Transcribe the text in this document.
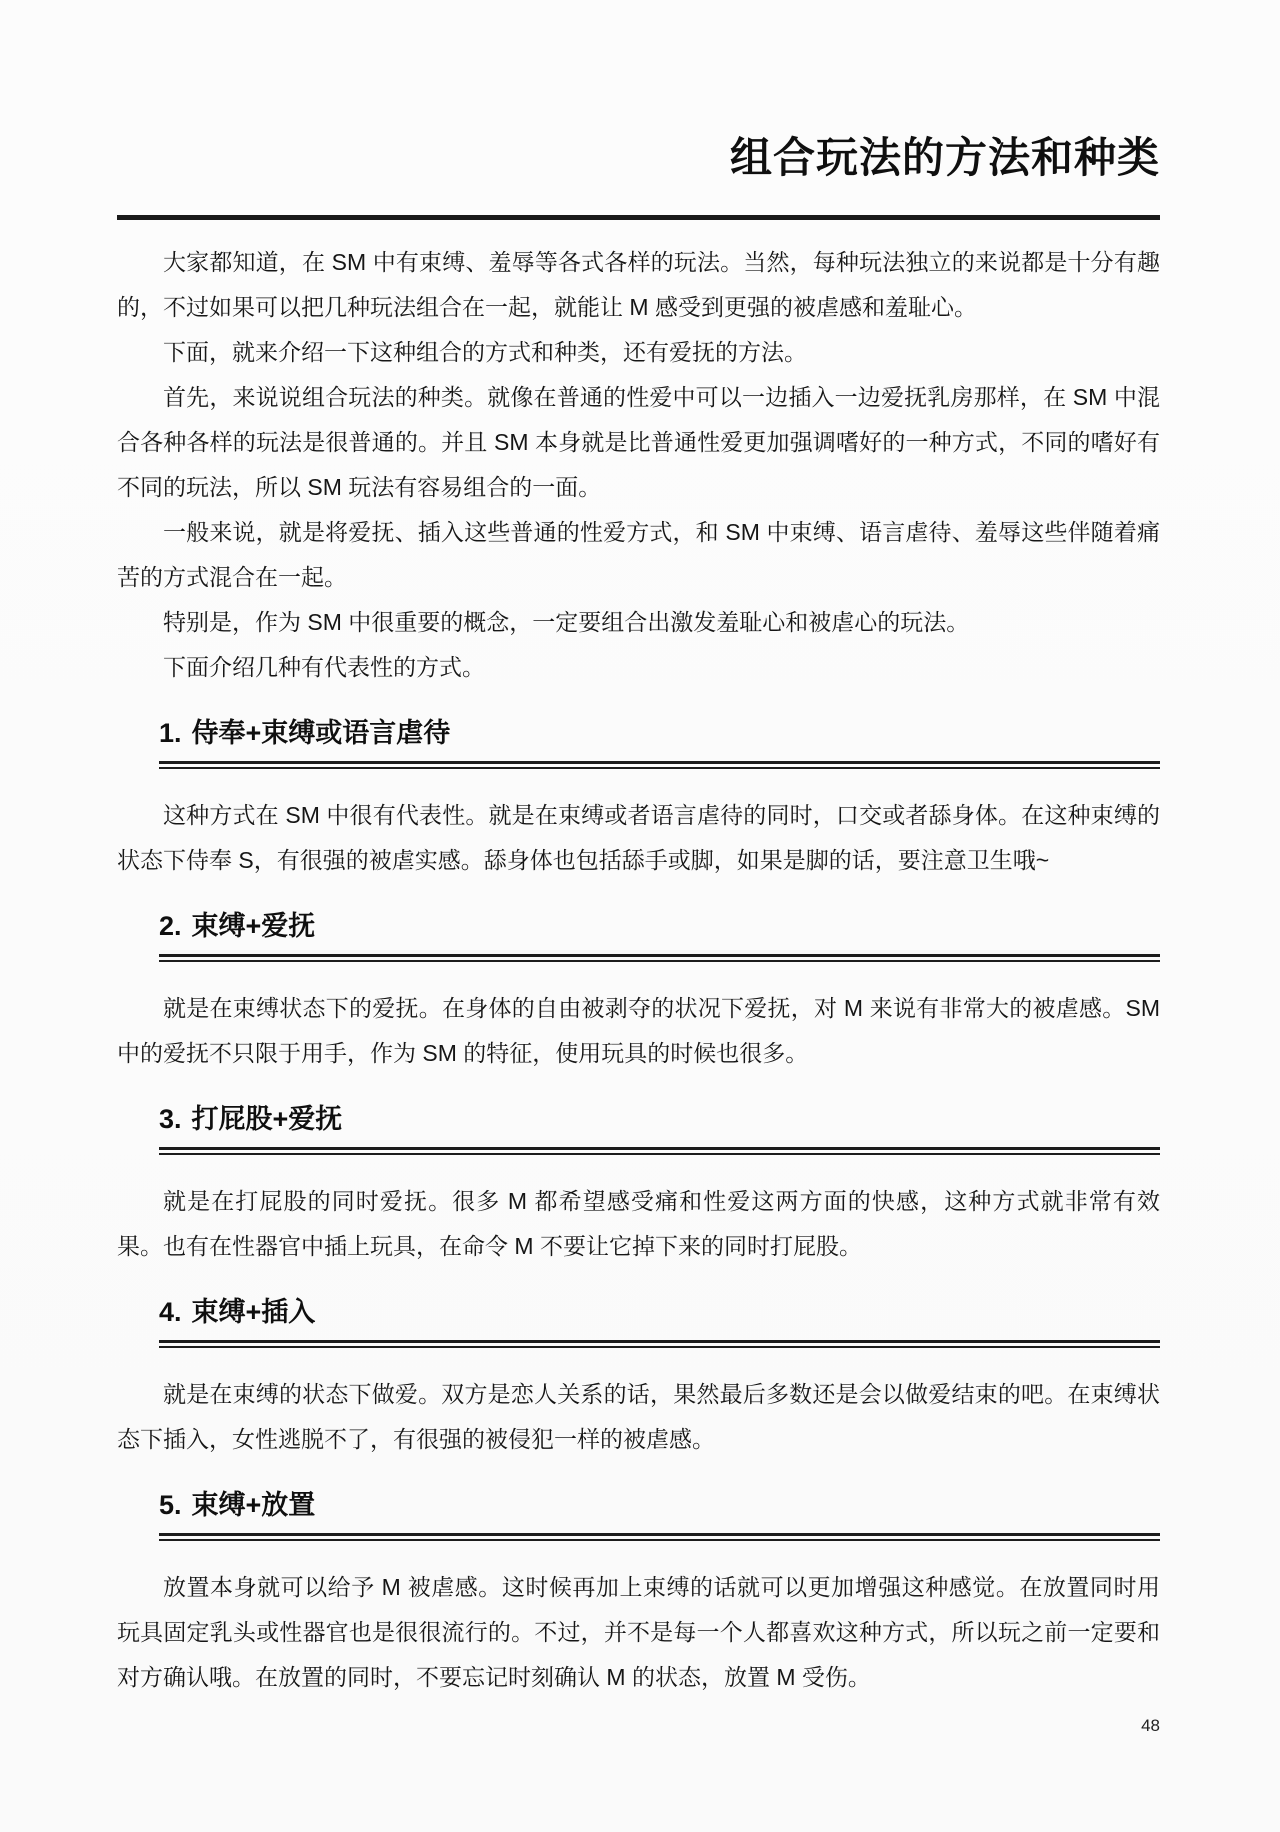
组合玩法的方法和种类

大家都知道，在 SM 中有束缚、羞辱等各式各样的玩法。当然，每种玩法独立的来说都是十分有趣的，不过如果可以把几种玩法组合在一起，就能让 M 感受到更强的被虐感和羞耻心。

下面，就来介绍一下这种组合的方式和种类，还有爱抚的方法。

首先，来说说组合玩法的种类。就像在普通的性爱中可以一边插入一边爱抚乳房那样，在 SM 中混合各种各样的玩法是很普通的。并且 SM 本身就是比普通性爱更加强调嗜好的一种方式，不同的嗜好有不同的玩法，所以 SM 玩法有容易组合的一面。

一般来说，就是将爱抚、插入这些普通的性爱方式，和 SM 中束缚、语言虐待、羞辱这些伴随着痛苦的方式混合在一起。

特别是，作为 SM 中很重要的概念，一定要组合出激发羞耻心和被虐心的玩法。

下面介绍几种有代表性的方式。

1. 侍奉+束缚或语言虐待

这种方式在 SM 中很有代表性。就是在束缚或者语言虐待的同时，口交或者舔身体。在这种束缚的状态下侍奉 S，有很强的被虐实感。舔身体也包括舔手或脚，如果是脚的话，要注意卫生哦~

2. 束缚+爱抚

就是在束缚状态下的爱抚。在身体的自由被剥夺的状况下爱抚，对 M 来说有非常大的被虐感。SM 中的爱抚不只限于用手，作为 SM 的特征，使用玩具的时候也很多。

3. 打屁股+爱抚

就是在打屁股的同时爱抚。很多 M 都希望感受痛和性爱这两方面的快感，这种方式就非常有效果。也有在性器官中插上玩具，在命令 M 不要让它掉下来的同时打屁股。

4. 束缚+插入

就是在束缚的状态下做爱。双方是恋人关系的话，果然最后多数还是会以做爱结束的吧。在束缚状态下插入，女性逃脱不了，有很强的被侵犯一样的被虐感。

5. 束缚+放置

放置本身就可以给予 M 被虐感。这时候再加上束缚的话就可以更加增强这种感觉。在放置同时用玩具固定乳头或性器官也是很很流行的。不过，并不是每一个人都喜欢这种方式，所以玩之前一定要和对方确认哦。在放置的同时，不要忘记时刻确认 M 的状态，放置 M 受伤。

48
